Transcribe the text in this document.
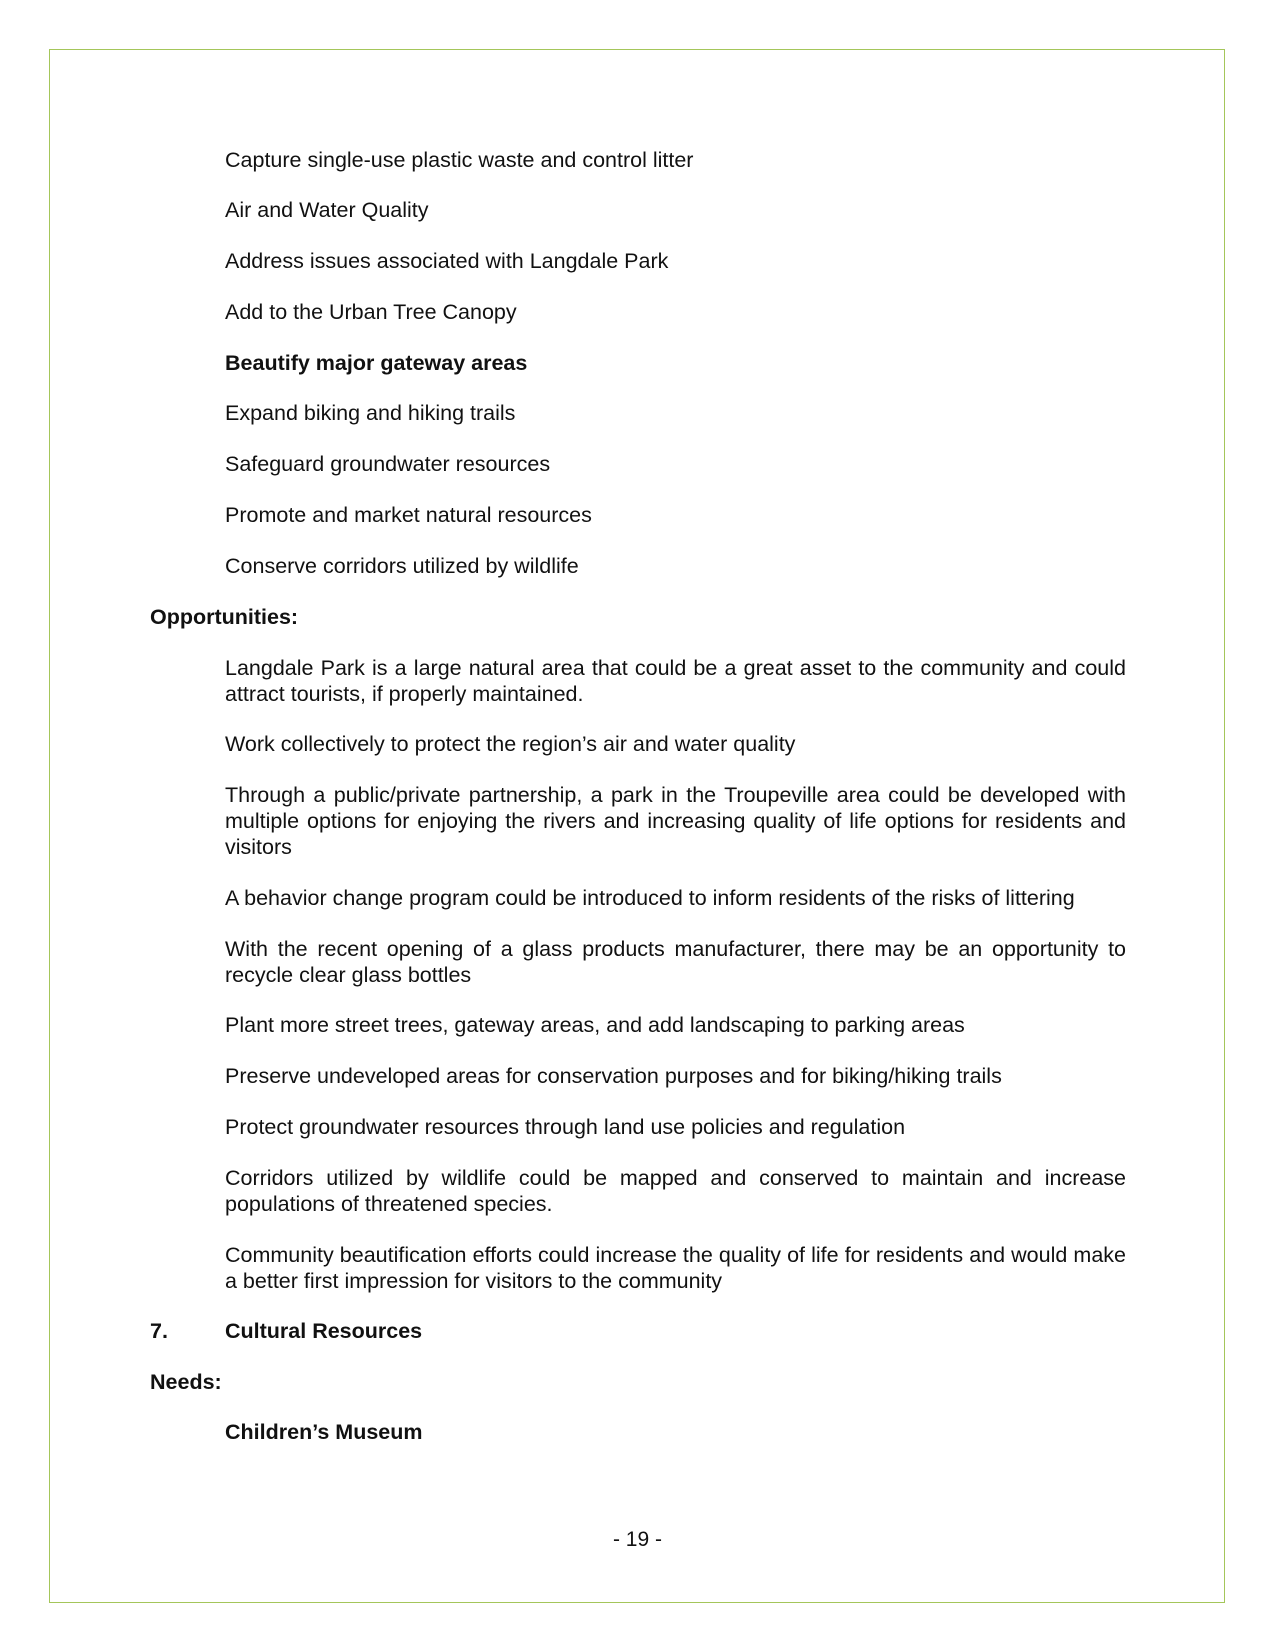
Capture single-use plastic waste and control litter
Air and Water Quality
Address issues associated with Langdale Park
Add to the Urban Tree Canopy
Beautify major gateway areas
Expand biking and hiking trails
Safeguard groundwater resources
Promote and market natural resources
Conserve corridors utilized by wildlife
Opportunities:
Langdale Park is a large natural area that could be a great asset to the community and could attract tourists, if properly maintained.
Work collectively to protect the region’s air and water quality
Through a public/private partnership, a park in the Troupeville area could be developed with multiple options for enjoying the rivers and increasing quality of life options for residents and visitors
A behavior change program could be introduced to inform residents of the risks of littering
With the recent opening of a glass products manufacturer, there may be an opportunity to recycle clear glass bottles
Plant more street trees, gateway areas, and add landscaping to parking areas
Preserve undeveloped areas for conservation purposes and for biking/hiking trails
Protect groundwater resources through land use policies and regulation
Corridors utilized by wildlife could be mapped and conserved to maintain and increase populations of threatened species.
Community beautification efforts could increase the quality of life for residents and would make a better first impression for visitors to the community
7.	Cultural Resources
Needs:
Children’s Museum
- 19 -
